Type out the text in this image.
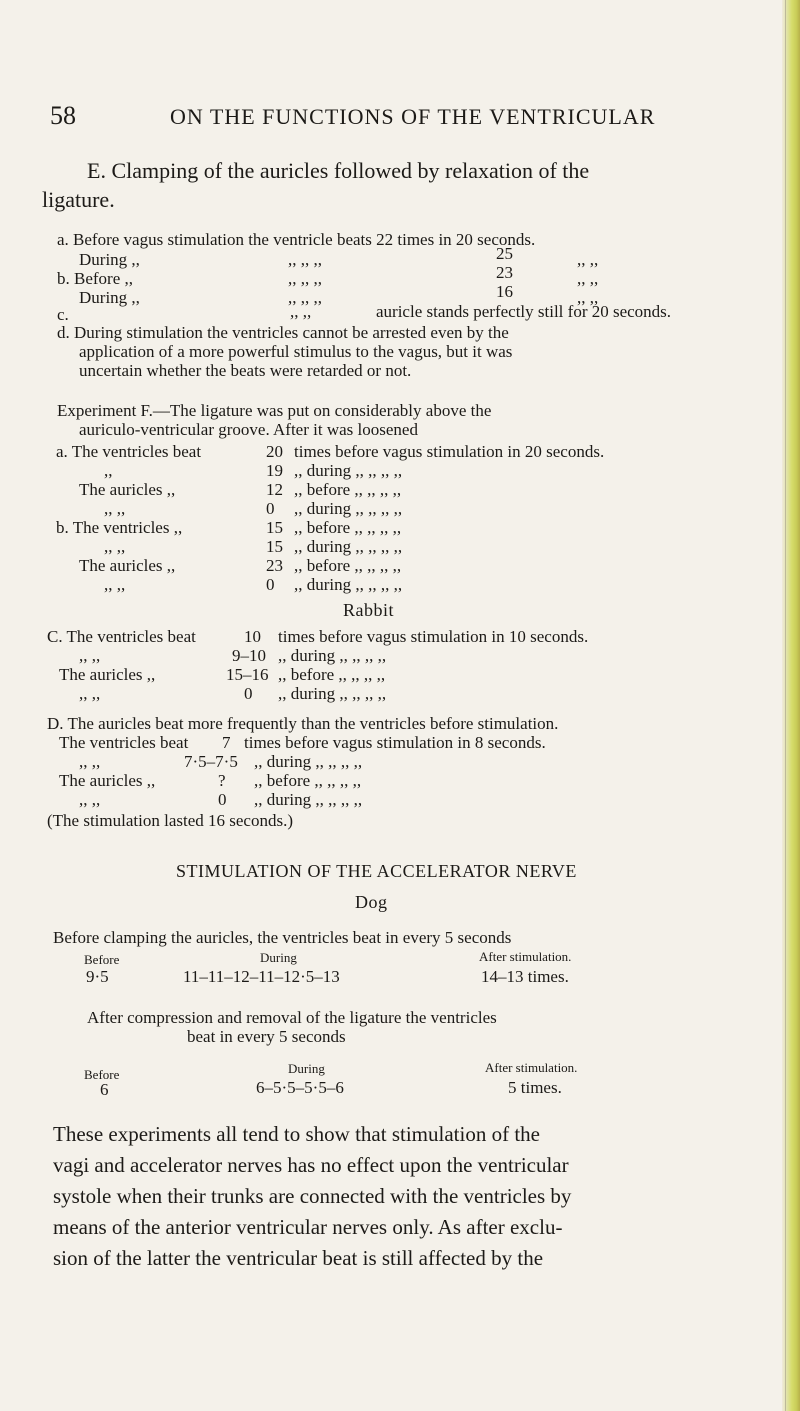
58	ON THE FUNCTIONS OF THE VENTRICULAR
E. Clamping of the auricles followed by relaxation of the
ligature.
a. Before vagus stimulation the ventricle beats 22 times in 20 seconds.
During ,,	,, ,, ,,	25	,, ,,
b. Before ,,	,, ,, ,,	23	,, ,,
During ,,	,, ,, ,,	16	,, ,,
c.	,, ,,	auricle stands perfectly still for 20 seconds.
d. During stimulation the ventricles cannot be arrested even by the
application of a more powerful stimulus to the vagus, but it was
uncertain whether the beats were retarded or not.
Experiment F.—The ligature was put on considerably above the
auriculo-ventricular groove. After it was loosened
a. The ventricles beat	20 times before vagus stimulation in 20 seconds.
,,	19 ,, during ,, ,, ,, ,,
The auricles ,,	12 ,, before ,, ,, ,, ,,
,, ,,	0 ,, during ,, ,, ,, ,,
b. The ventricles ,,	15 ,, before ,, ,, ,, ,,
,, ,,	15 ,, during ,, ,, ,, ,,
The auricles ,,	23 ,, before ,, ,, ,, ,,
,, ,,	0 ,, during ,, ,, ,, ,,
Rabbit
C. The ventricles beat	10 times before vagus stimulation in 10 seconds.
,, ,,	9–10 ,, during ,, ,, ,, ,,
The auricles ,,	15–16 ,, before ,, ,, ,, ,,
,, ,,	0 ,, during ,, ,, ,, ,,
D. The auricles beat more frequently than the ventricles before stimulation.
The ventricles beat 7 times before vagus stimulation in 8 seconds.
,, ,,	7·5–7·5 ,, during ,, ,, ,, ,,
The auricles ,,	? ,, before ,, ,, ,, ,,
,, ,,	0 ,, during ,, ,, ,, ,,
(The stimulation lasted 16 seconds.)
STIMULATION OF THE ACCELERATOR NERVE
Dog
Before clamping the auricles, the ventricles beat in every 5 seconds
Before	During	After stimulation.
9·5	11–11–12–11–12·5–13	14–13 times.
After compression and removal of the ligature the ventricles
beat in every 5 seconds
Before	During	After stimulation.
6	6–5·5–5·5–6	5 times.
These experiments all tend to show that stimulation of the
vagi and accelerator nerves has no effect upon the ventricular
systole when their trunks are connected with the ventricles by
means of the anterior ventricular nerves only. As after exclu-
sion of the latter the ventricular beat is still affected by the
